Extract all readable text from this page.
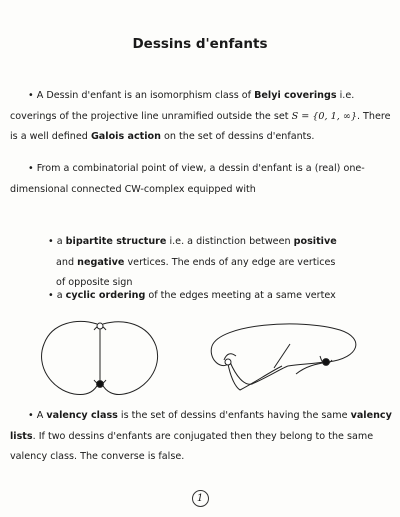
Dessins d'enfants
• A Dessin d'enfant is an isomorphism class of Belyi coverings i.e. coverings of the projective line unramified outside the set S = {0, 1, ∞}. There is a well defined Galois action on the set of dessins d'enfants.
• From a combinatorial point of view, a dessin d'enfant is a (real) one-dimensional connected CW-complex equipped with
• a bipartite structure i.e. a distinction between positive
and negative vertices. The ends of any edge are vertices
of opposite sign
• a cyclic ordering of the edges meeting at a same vertex
• A valency class is the set of dessins d'enfants having the same valency lists. If two dessins d'enfants are conjugated then they belong to the same valency class. The converse is false.
1
